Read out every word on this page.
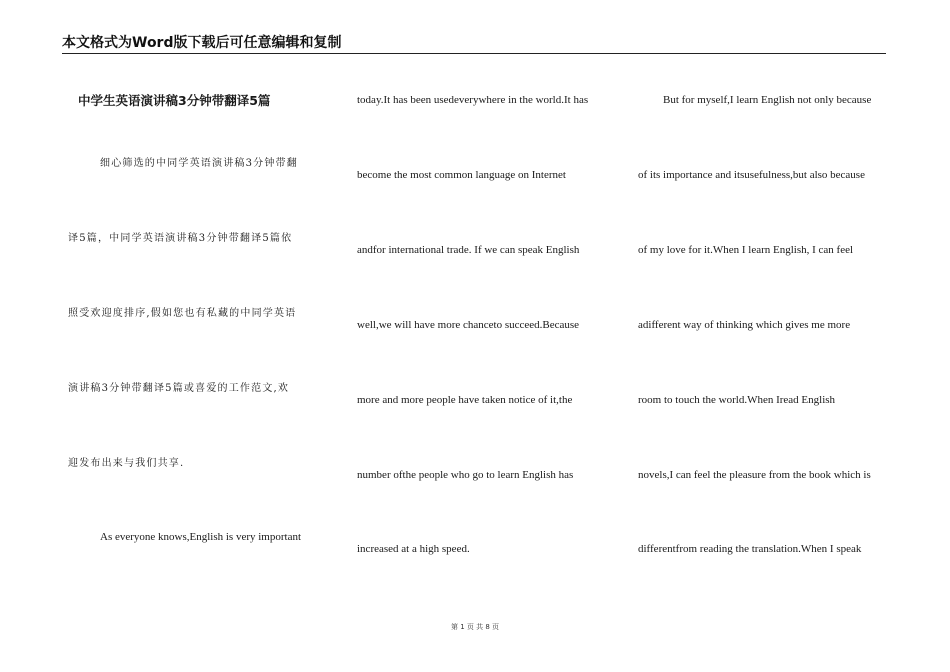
本文格式为Word版下载后可任意编辑和复制
中学生英语演讲稿3分钟带翻译5篇
细心筛选的中同学英语演讲稿3分钟带翻
译5篇，中同学英语演讲稿3分钟带翻译5篇依
照受欢迎度排序,假如您也有私藏的中同学英语
演讲稿3分钟带翻译5篇或喜爱的工作范文,欢
迎发布出来与我们共享.
As everyone knows,English is very important
today.It has been usedeverywhere in the world.It has
become the most common language on Internet
andfor international trade. If we can speak English
well,we will have more chanceto succeed.Because
more and more people have taken notice of it,the
number ofthe people who go to learn English has
increased at a high speed.
But for myself,I learn English not only because
of its importance and itsusefulness,but also because
of my love for it.When I learn English, I can feel
adifferent way of thinking which gives me more
room to touch the world.When Iread English
novels,I can feel the pleasure from the book which is
differentfrom reading the translation.When I speak
第 1 页 共 8 页
